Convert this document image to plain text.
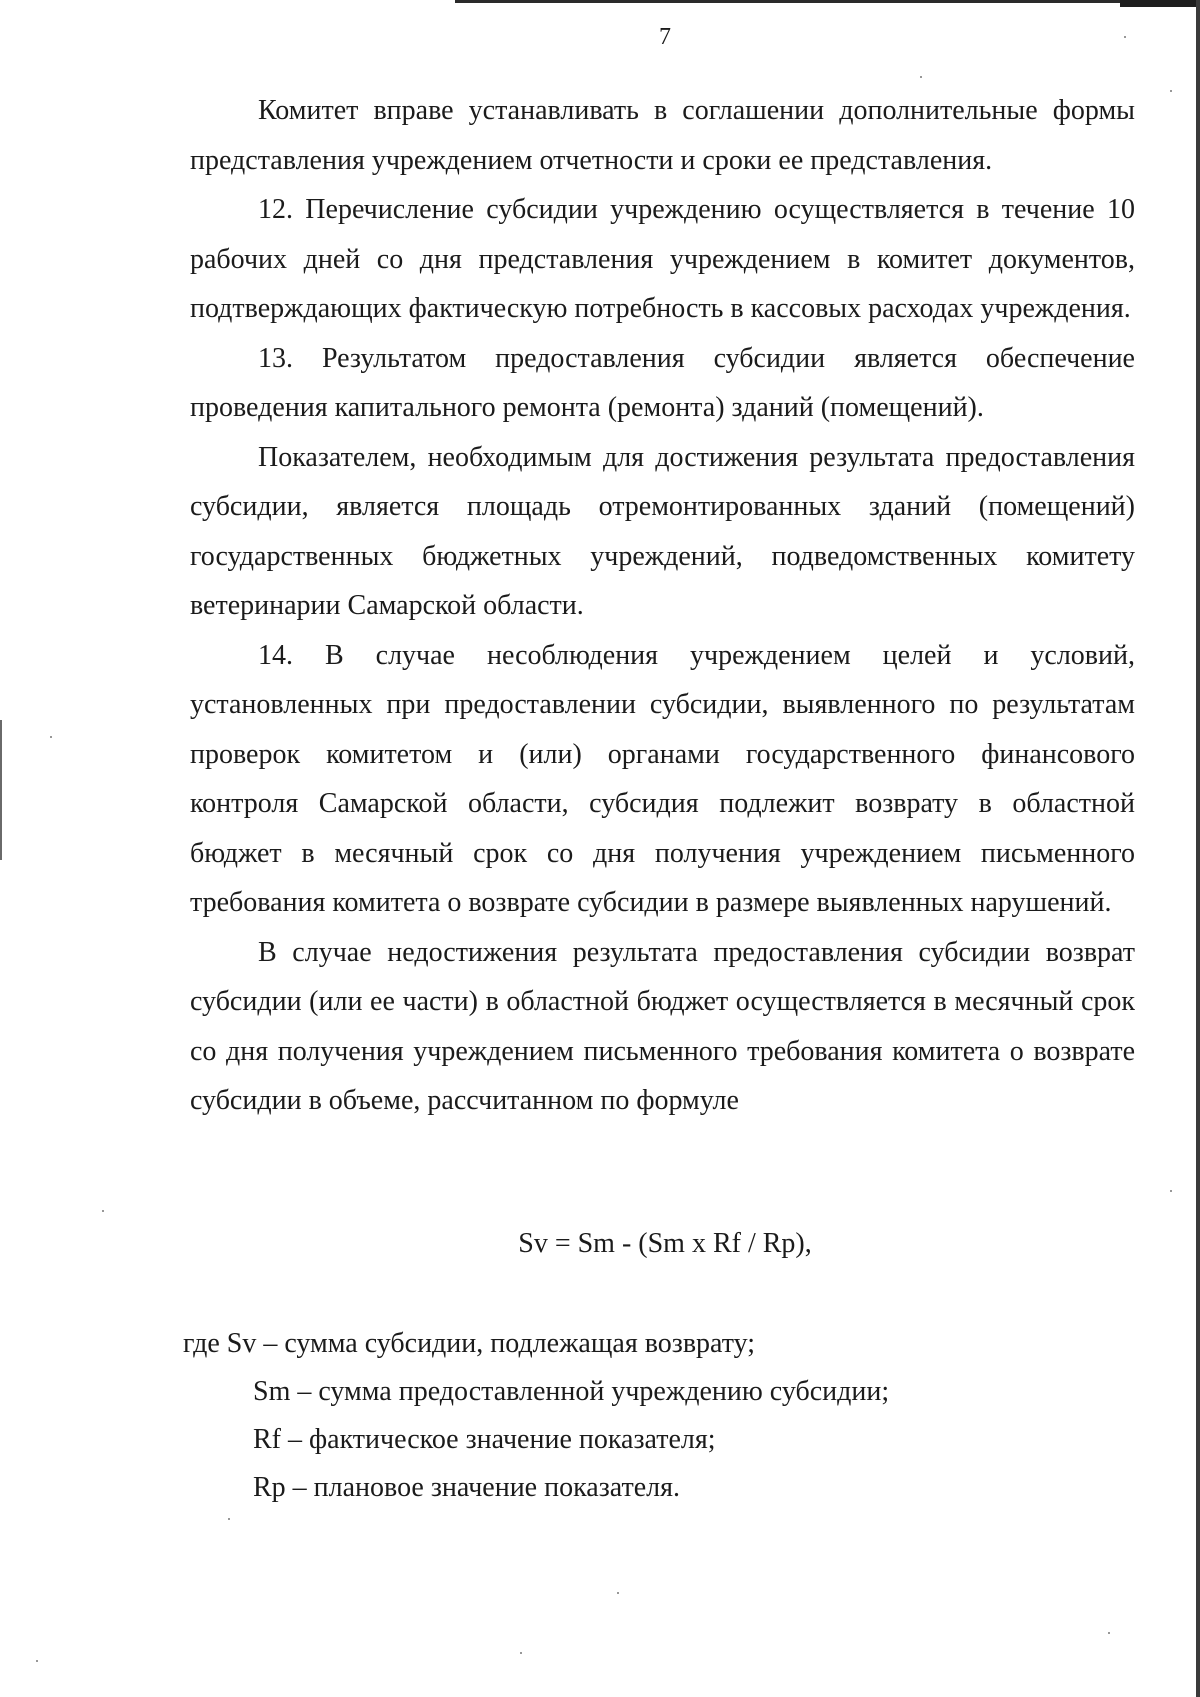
7

Комитет вправе устанавливать в соглашении дополнительные формы представления учреждением отчетности и сроки ее представления.

12. Перечисление субсидии учреждению осуществляется в течение 10 рабочих дней со дня представления учреждением в комитет документов, подтверждающих фактическую потребность в кассовых расходах учреждения.

13. Результатом предоставления субсидии является обеспечение проведения капитального ремонта (ремонта) зданий (помещений).

Показателем, необходимым для достижения результата предоставления субсидии, является площадь отремонтированных зданий (помещений) государственных бюджетных учреждений, подведомственных комитету ветеринарии Самарской области.

14. В случае несоблюдения учреждением целей и условий, установленных при предоставлении субсидии, выявленного по результатам проверок комитетом и (или) органами государственного финансового контроля Самарской области, субсидия подлежит возврату в областной бюджет в месячный срок со дня получения учреждением письменного требования комитета о возврате субсидии в размере выявленных нарушений.

В случае недостижения результата предоставления субсидии возврат субсидии (или ее части) в областной бюджет осуществляется в месячный срок со дня получения учреждением письменного требования комитета о возврате субсидии в объеме, рассчитанном по формуле

Sv = Sm - (Sm x Rf / Rp),
где Sv – сумма субсидии, подлежащая возврату;
Sm – сумма предоставленной учреждению субсидии;
Rf – фактическое значение показателя;
Rp – плановое значение показателя.
